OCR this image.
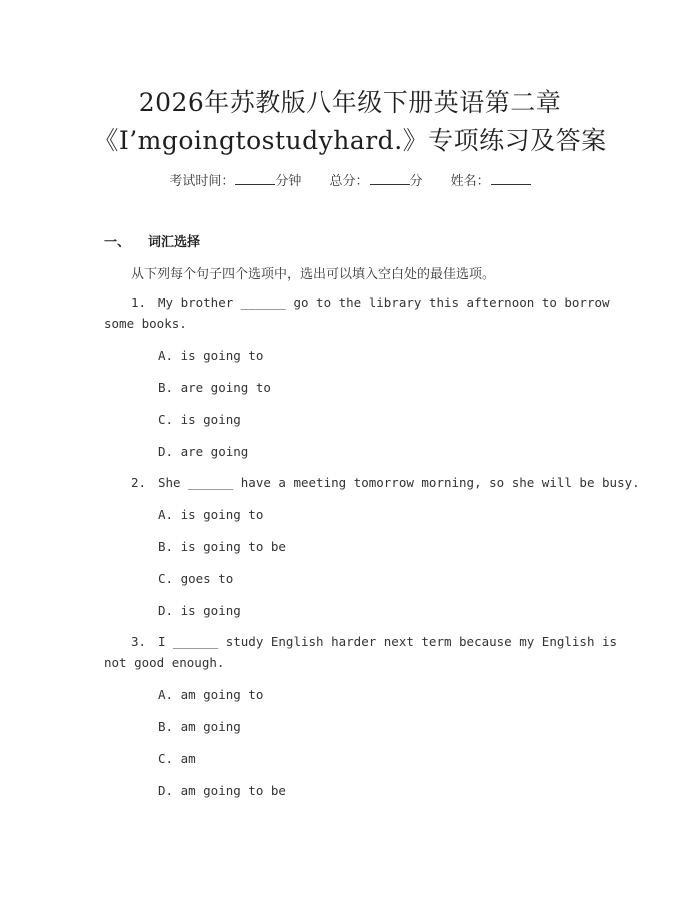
2026年苏教版八年级下册英语第二章
《I’mgoingtostudyhard.》专项练习及答案
考试时间：	分钟 总分：	分 姓名：
一、 词汇选择
从下列每个句子四个选项中，选出可以填入空白处的最佳选项。
1. My brother ______ go to the library this afternoon to borrow
some books.
A. is going to
B. are going to
C. is going
D. are going
2. She ______ have a meeting tomorrow morning, so she will be busy.
A. is going to
B. is going to be
C. goes to
D. is going
3. I ______ study English harder next term because my English is
not good enough.
A. am going to
B. am going
C. am
D. am going to be
